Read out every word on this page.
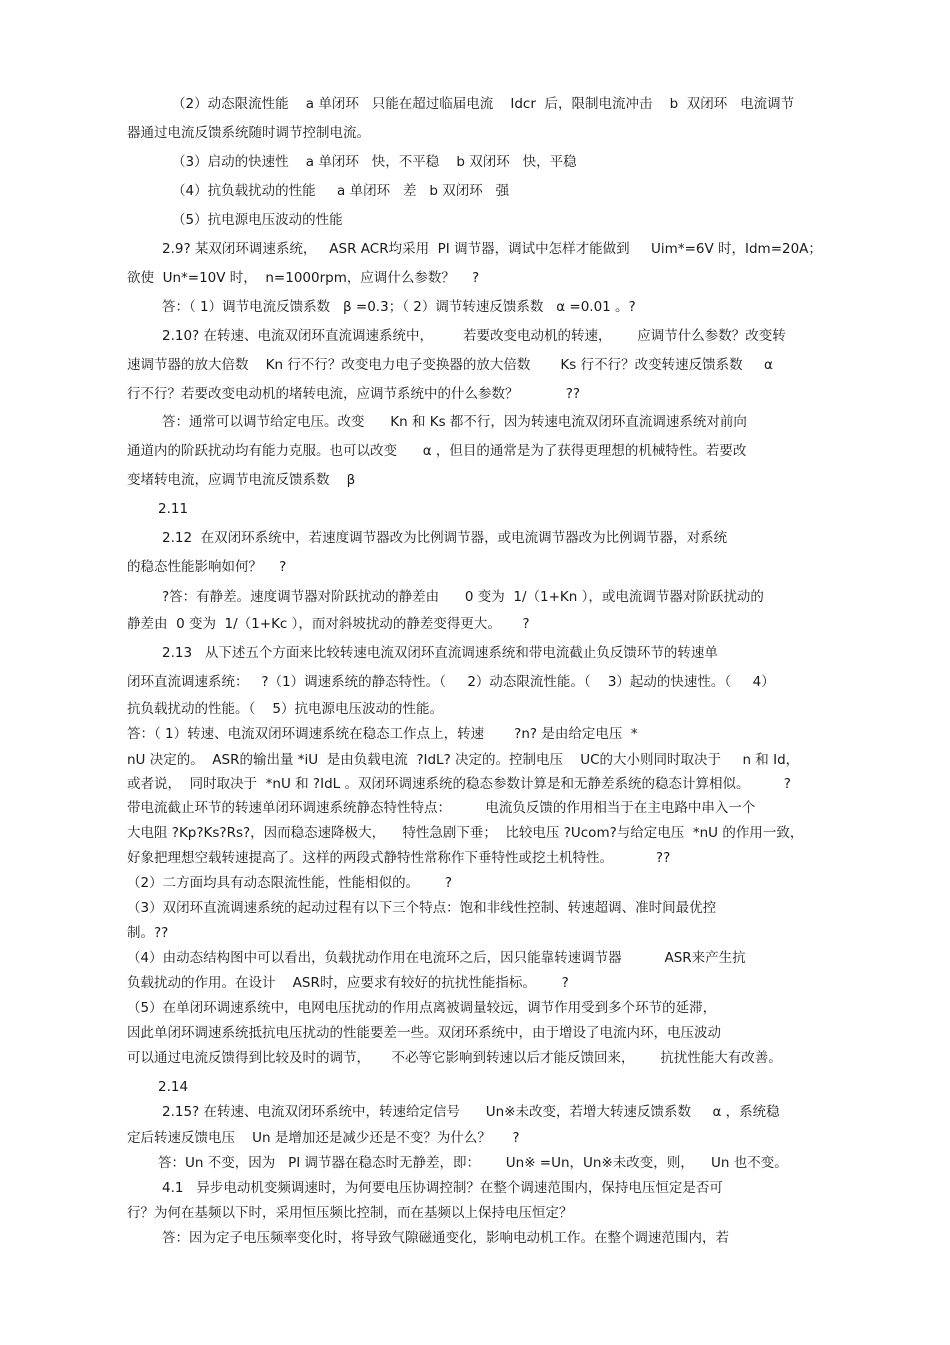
（2）动态限流性能    a 单闭环   只能在超过临届电流    Idcr  后，限制电流冲击    b  双闭环   电流调节
器通过电流反馈系统随时调节控制电流。
（3）启动的快速性    a 单闭环   快，不平稳    b 双闭环   快，平稳
（4）抗负载扰动的性能     a 单闭环   差   b 双闭环   强
（5）抗电源电压波动的性能
2.9? 某双闭环调速系统，   ASR ACR均采用  PI 调节器，调试中怎样才能做到     Uim*=6V 时，Idm=20A；
欲使  Un*=10V 时，  n=1000rpm，应调什么参数？    ?
答：（ 1）调节电流反馈系数   β =0.3；（ 2）调节转速反馈系数   α =0.01 。?
2.10? 在转速、电流双闭环直流调速系统中，       若要改变电动机的转速，      应调节什么参数？改变转
速调节器的放大倍数    Kn 行不行？改变电力电子变换器的放大倍数       Ks 行不行？改变转速反馈系数     α
行不行？若要改变电动机的堵转电流，应调节系统中的什么参数？           ??
答：通常可以调节给定电压。改变      Kn 和 Ks 都不行，因为转速电流双闭环直流调速系统对前向
通道内的阶跃扰动均有能力克服。也可以改变      α ，但目的通常是为了获得更理想的机械特性。若要改
变堵转电流，应调节电流反馈系数    β
2.11
2.12  在双闭环系统中，若速度调节器改为比例调节器，或电流调节器改为比例调节器，对系统
的稳态性能影响如何？    ?
?答：有静差。速度调节器对阶跃扰动的静差由      0 变为  1/（1+Kn ），或电流调节器对阶跃扰动的
静差由  0 变为  1/（1+Kc ），而对斜坡扰动的静差变得更大。     ?
2.13   从下述五个方面来比较转速电流双闭环直流调速系统和带电流截止负反馈环节的转速单
闭环直流调速系统：   ?（1）调速系统的静态特性。（     2）动态限流性能。（    3）起动的快速性。（     4）
抗负载扰动的性能。（    5）抗电源电压波动的性能。
答：（ 1）转速、电流双闭环调速系统在稳态工作点上，转速       ?n? 是由给定电压  *
nU 决定的。  ASR的输出量 *iU  是由负载电流  ?IdL? 决定的。控制电压    UC的大小则同时取决于     n 和 Id，
或者说，  同时取决于  *nU 和 ?IdL 。双闭环调速系统的稳态参数计算是和无静差系统的稳态计算相似。        ?
带电流截止环节的转速单闭环调速系统静态特性特点：        电流负反馈的作用相当于在主电路中串入一个
大电阻 ?Kp?Ks?Rs?，因而稳态速降极大，    特性急剧下垂；  比较电压 ?Ucom?与给定电压  *nU 的作用一致，
好象把理想空载转速提高了。这样的两段式静特性常称作下垂特性或挖土机特性。          ??
（2）二方面均具有动态限流性能，性能相似的。      ?
（3）双闭环直流调速系统的起动过程有以下三个特点：饱和非线性控制、转速超调、准时间最优控
制。??
（4）由动态结构图中可以看出，负载扰动作用在电流环之后，因只能靠转速调节器          ASR来产生抗
负载扰动的作用。在设计    ASR时，应要求有较好的抗扰性能指标。      ?
（5）在单闭环调速系统中，电网电压扰动的作用点离被调量较远，调节作用受到多个环节的延滞，
因此单闭环调速系统抵抗电压扰动的性能要差一些。双闭环系统中，由于增设了电流内环，电压波动
可以通过电流反馈得到比较及时的调节，     不必等它影响到转速以后才能反馈回来，      抗扰性能大有改善。
2.14
2.15? 在转速、电流双闭环系统中，转速给定信号      Un※未改变，若增大转速反馈系数     α ，系统稳
定后转速反馈电压    Un 是增加还是减少还是不变？为什么？     ?
答：Un 不变，因为   PI 调节器在稳态时无静差，即：      Un※ =Un，Un※未改变，则，    Un 也不变。
4.1   异步电动机变频调速时，为何要电压协调控制？在整个调速范围内，保持电压恒定是否可
行？为何在基频以下时，采用恒压频比控制，而在基频以上保持电压恒定？
答：因为定子电压频率变化时，将导致气隙磁通变化，影响电动机工作。在整个调速范围内，若
